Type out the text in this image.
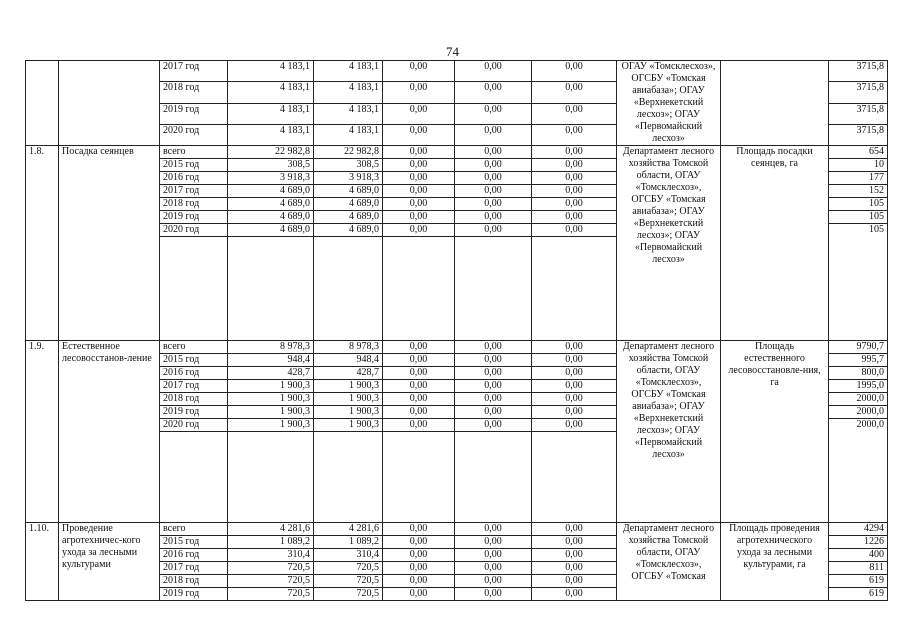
74
		2017 год	4 183,1	4 183,1	0,00	0,00	0,00	ОГАУ «Томсклесхоз», ОГСБУ «Томская авиабаза»; ОГАУ «Верхнекетский лесхоз»; ОГАУ «Первомайский лесхоз»		3715,8
		2018 год	4 183,1	4 183,1	0,00	0,00	0,00			3715,8
		2019 год	4 183,1	4 183,1	0,00	0,00	0,00			3715,8
		2020 год	4 183,1	4 183,1	0,00	0,00	0,00			3715,8
1.8.	Посадка сеянцев	всего	22 982,8	22 982,8	0,00	0,00	0,00	Департамент лесного хозяйства Томской области, ОГАУ «Томсклесхоз», ОГСБУ «Томская авиабаза»; ОГАУ «Верхнекетский лесхоз»; ОГАУ «Первомайский лесхоз»	Площадь посадки сеянцев, га	654
		2015 год	308,5	308,5	0,00	0,00	0,00			10
		2016 год	3 918,3	3 918,3	0,00	0,00	0,00			177
		2017 год	4 689,0	4 689,0	0,00	0,00	0,00			152
		2018 год	4 689,0	4 689,0	0,00	0,00	0,00			105
		2019 год	4 689,0	4 689,0	0,00	0,00	0,00			105
		2020 год	4 689,0	4 689,0	0,00	0,00	0,00			105

1.9.	Естественное лесовосстанов-ление	всего	8 978,3	8 978,3	0,00	0,00	0,00	Департамент лесного хозяйства Томской области, ОГАУ «Томсклесхоз», ОГСБУ «Томская авиабаза»; ОГАУ «Верхнекетский лесхоз»; ОГАУ «Первомайский лесхоз»	Площадь естественного лесовосстановле-ния, га	9790,7
		2015 год	948,4	948,4	0,00	0,00	0,00			995,7
		2016 год	428,7	428,7	0,00	0,00	0,00			800,0
		2017 год	1 900,3	1 900,3	0,00	0,00	0,00			1995,0
		2018 год	1 900,3	1 900,3	0,00	0,00	0,00			2000,0
		2019 год	1 900,3	1 900,3	0,00	0,00	0,00			2000,0
		2020 год	1 900,3	1 900,3	0,00	0,00	0,00			2000,0

1.10.	Проведение агротехничес-кого ухода за лесными культурами	всего	4 281,6	4 281,6	0,00	0,00	0,00	Департамент лесного хозяйства Томской области, ОГАУ «Томсклесхоз», ОГСБУ «Томская	Площадь проведения агротехнического ухода за лесными культурами, га	4294
		2015 год	1 089,2	1 089,2	0,00	0,00	0,00			1226
		2016 год	310,4	310,4	0,00	0,00	0,00			400
		2017 год	720,5	720,5	0,00	0,00	0,00			811
		2018 год	720,5	720,5	0,00	0,00	0,00			619
		2019 год	720,5	720,5	0,00	0,00	0,00			619
